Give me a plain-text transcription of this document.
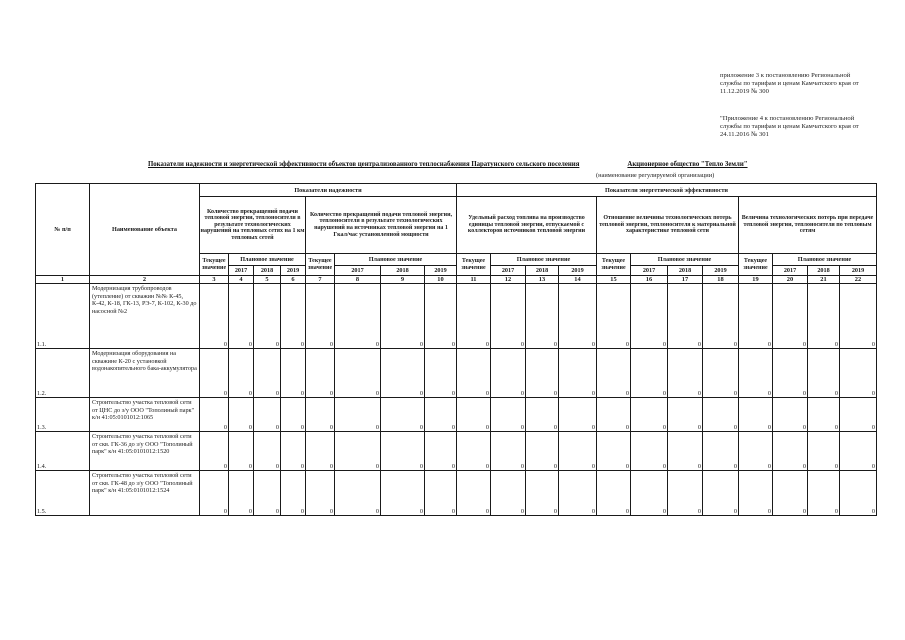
приложение 3 к постановлению Региональной службы по тарифам и ценам Камчатского края от 11.12.2019 № 300
"Приложение 4 к постановлению Региональной службы по тарифам и ценам Камчатского края от 24.11.2016 № 301
Показатели надежности и энергетической эффективности объектов централизованного теплоснабжения Паратунского сельского поселения	Акционерное общество "Тепло Земли"
(наименование регулируемой организации)
№ п/п	Наименование объекта	Показатели надежности								Показатели энергетической эффективности											
		Количество прекращений подачи тепловой энергии, теплоносителя в результате технологических нарушений на тепловых сетях на 1 км тепловых сетей				Количество прекращений подачи тепловой энергии, теплоносителя в результате технологических нарушений на источниках тепловой энергии на 1 Гкал/час установленной мощности				Удельный расход топлива на производство единицы тепловой энергии, отпускаемой с коллекторов источников тепловой энергии				Отношение величины технологических потерь тепловой энергии, теплоносителя к материальной характеристике тепловой сети				Величина технологических потерь при передаче тепловой энергии, теплоносителя по тепловым сетям			
		Текущее значение	Плановое значение			Текущее значение	Плановое значение			Текущее значение	Плановое значение			Текущее значение	Плановое значение			Текущее значение	Плановое значение		
			2017	2018	2019		2017	2018	2019		2017	2018	2019		2017	2018	2019		2017	2018	2019
1	2	3	4	5	6	7	8	9	10	11	12	13	14	15	16	17	18	19	20	21	22
1.1.	Модернизация трубопроводов (утепление) от скважин №№ К-45, К-42, К-18, ГК-13, РЭ-7, К-102, К-30 до насосной №2	0	0	0	0	0	0	0	0	0	0	0	0	0	0	0	0	0	0	0	0
1.2.	Модернизация оборудования на скважине К-20 с установкой водонакопительного бака-аккумулятора	0	0	0	0	0	0	0	0	0	0	0	0	0	0	0	0	0	0	0	0
1.3.	Строительство участка тепловой сети от ЦНС до з/у ООО "Тополиный парк" к/н 41:05:0101012:1065	0	0	0	0	0	0	0	0	0	0	0	0	0	0	0	0	0	0	0	0
1.4.	Строительство участка тепловой сети от скв. ГК-36 до з/у ООО "Тополиный парк" к/н 41:05:0101012:1520	0	0	0	0	0	0	0	0	0	0	0	0	0	0	0	0	0	0	0	0
1.5.	Строительство участка тепловой сети от скв. ГК-48 до з/у ООО "Тополиный парк" к/н 41:05:0101012:1524	0	0	0	0	0	0	0	0	0	0	0	0	0	0	0	0	0	0	0	0
